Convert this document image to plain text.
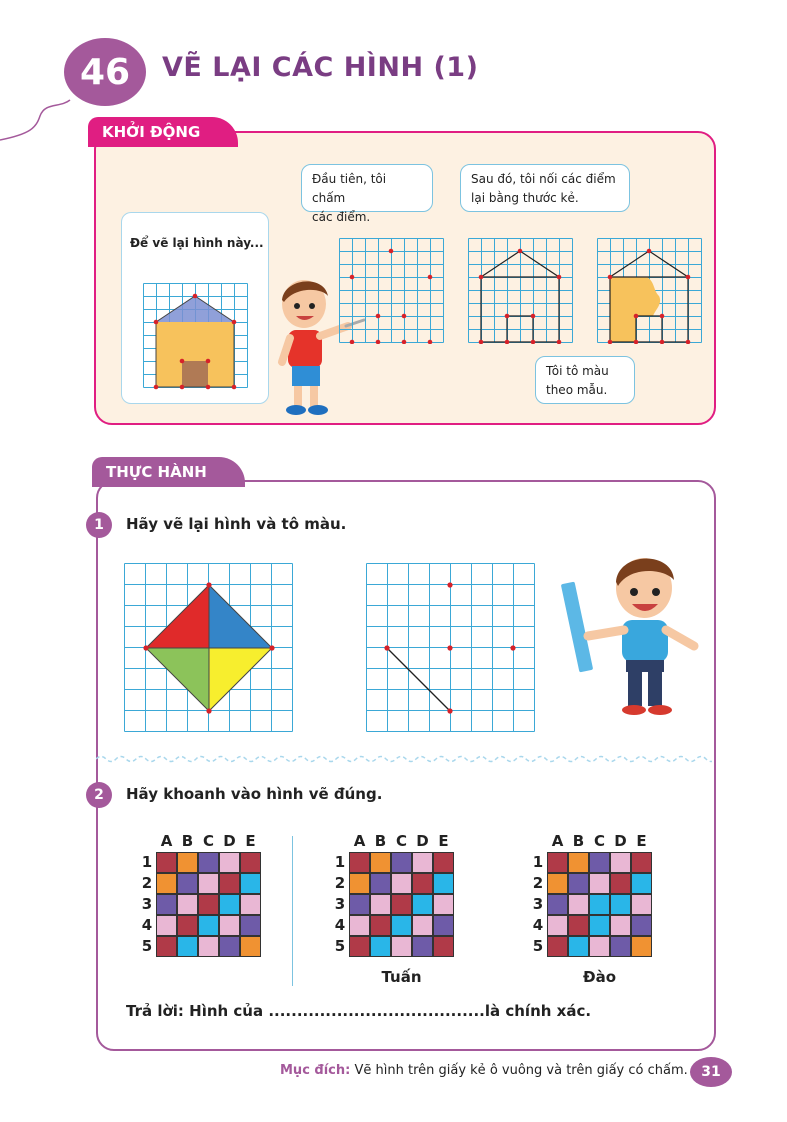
46 VẼ LẠI CÁC HÌNH (1)
KHỞI ĐỘNG
Để vẽ lại hình này...
Đầu tiên, tôi chấm
các điểm.
Sau đó, tôi nối các điểm
lại bằng thước kẻ.
Tôi tô màu
theo mẫu.
THỰC HÀNH
1	Hãy vẽ lại hình và tô màu.
2	Hãy khoanh vào hình vẽ đúng.
A B C D E
1
2
3
4
5
A B C D E
1
2
3
4
5
Tuấn
A B C D E
1
2
3
4
5
Đào
Trả lời: Hình của ......................................là chính xác.
Mục đích: Vẽ hình trên giấy kẻ ô vuông và trên giấy có chấm. 31
